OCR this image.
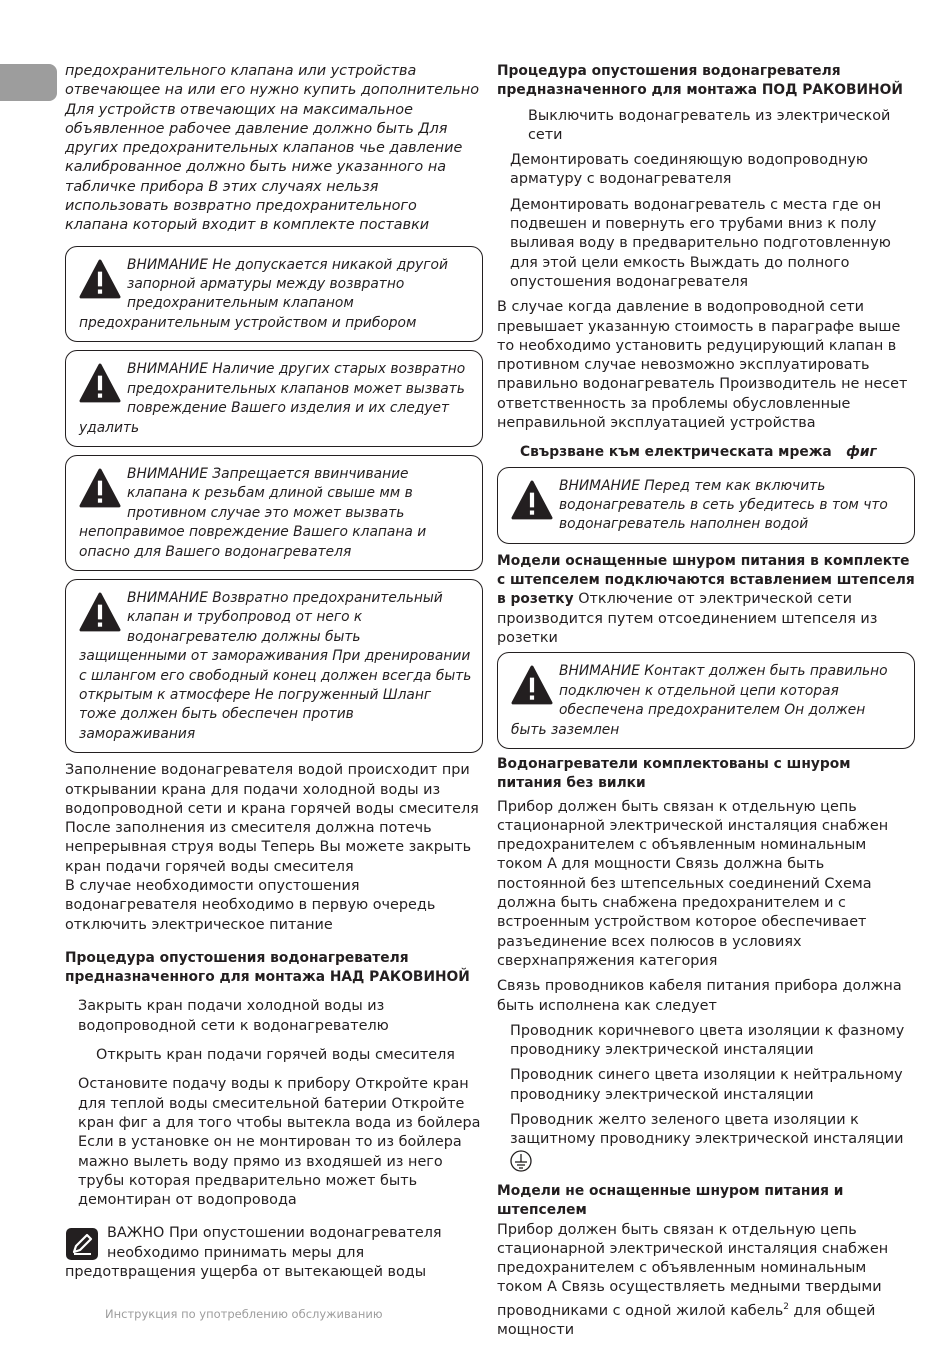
предохранительного клапана или устройства отвечающее на или его нужно купить дополнительно Для устройств отвечающих на максимальное объявленное рабочее давление должно быть Для других предохранительных клапанов чье давление калиброванное должно быть ниже указанного на табличке прибора В этих случаях нельзя использовать возвратно предохранительного клапана который входит в комплекте поставки

ВНИМАНИЕ Не допускается никакой другой запорной арматуры между возвратно предохранительным клапаном предохранительным устройством и прибором
ВНИМАНИЕ Наличие других старых возвратно предохранительных клапанов может вызвать повреждение Вашего изделия и их следует удалить
ВНИМАНИЕ Запрещается ввинчивание клапана к резьбам длиной свыше мм в противном случае это может вызвать непоправимое повреждение Вашего клапана и опасно для Вашего водонагревателя
ВНИМАНИЕ Возвратно предохранительный клапан и трубопровод от него к водонагревателю должны быть защищенными от замораживания При дренировании с шлангом его свободный конец должен всегда быть открытым к атмосфере Не погруженный Шланг тоже должен быть обеспечен против замораживания

Заполнение водонагревателя водой происходит при открывании крана для подачи холодной воды из водопроводной сети и крана горячей воды смесителя После заполнения из смесителя должна потечь непрерывная струя воды Теперь Вы можете закрыть кран подачи горячей воды смесителя

В случае необходимости опустошения водонагревателя необходимо в первую очередь отключить электрическое питание

Процедура опустошения водонагревателя предназначенного для монтажа НАД РАКОВИНОЙ

Закрыть кран подачи холодной воды из водопроводной сети к водонагревателю

Открыть кран подачи горячей воды смесителя

Остановите подачу воды к прибору Откройте кран для теплой воды смесительной батерии Откройте кран фиг а для того чтобы вытекла вода из бойлера Если в установке он не монтирован то из бойлера мажно вылеть воду прямо из входяшей из него трубы которая предварительно может быть демонтиран от водопровода

ВАЖНО При опустошении водонагревателя необходимо принимать меры для предотвращения ущерба от вытекающей воды

Процедура опустошения водонагревателя предназначенного для монтажа ПОД РАКОВИНОЙ

Выключить водонагреватель из электрической сети

Демонтировать соединяющую водопроводную арматуру с водонагревателя

Демонтировать водонагреватель с места где он подвешен и повернуть его трубами вниз к полу выливая воду в предварительно подготовленную для этой цели емкость Выждать до полного опустошения водонагревателя

В случае когда давление в водопроводной сети превышает указанную стоимость в параграфе выше то необходимо установить редуцирующий клапан в противном случае невозможно эксплуатировать правильно водонагреватель Производитель не несет ответственность за проблемы обусловленные неправильной эксплуатацией устройства

Свързване към електрическата мрежа фиг

ВНИМАНИЕ Перед тем как включить водонагреватель в сеть убедитесь в том что водонагреватель наполнен водой

Модели оснащенные шнуром питания в комплекте с штепселем подключаются вставлением штепселя в розетку Отключение от электрической сети производится путем отсоединением штепселя из розетки

ВНИМАНИЕ Контакт должен быть правильно подключен к отдельной цепи которая обеспечена предохранителем Он должен быть заземлен

Водонагреватели комплектованы с шнуром питания без вилки

Прибор должен быть связан к отдельную цепь стационарной электрической инсталяция снабжен предохранителем с объявленным номинальным током А для мощности Связь должна быть постоянной без штепсельных соединений Схема должна быть снабжена предохранителем и с встроенным устройством которое обеспечивает разъединение всех полюсов в условиях сверхнапряжения категория

Связь проводников кабеля питания прибора должна быть исполнена как следует

Проводник коричневого цвета изоляции к фазному проводнику электрической инсталяции

Проводник синего цвета изоляции к нейтральному проводнику электрической инсталяции

Проводник желто зеленого цвета изоляции к защитному проводнику электрической инсталяции

Модели не оснащенные шнуром питания и штепселем

Прибор должен быть связан к отдельную цепь стационарной электрической инсталяция снабжен предохранителем с объявленным номинальным током А Связь осуществляеть медными твердыми проводниками с одной жилой кабель$^2$ для общей мощности

Инструкция по употреблению обслуживанию
